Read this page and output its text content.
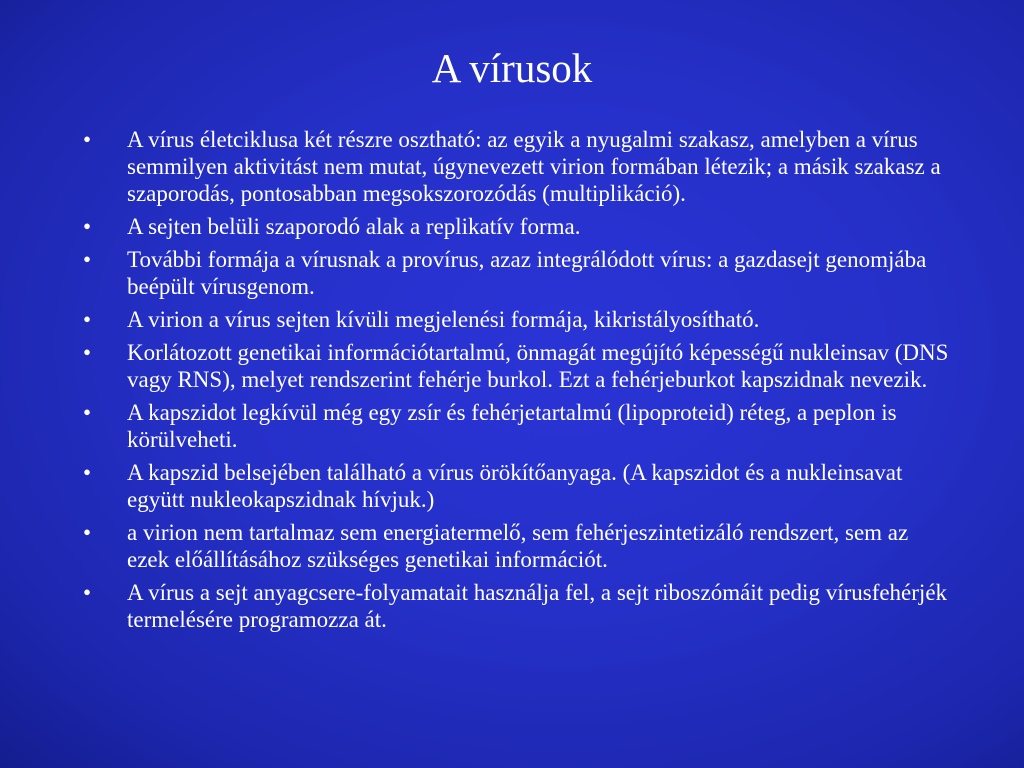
A vírusok
•	A vírus életciklusa két részre osztható: az egyik a nyugalmi szakasz, amelyben a vírus semmilyen aktivitást nem mutat, úgynevezett virion formában létezik; a másik szakasz a szaporodás, pontosabban megsokszorozódás (multiplikáció).
•	A sejten belüli szaporodó alak a replikatív forma.
•	További formája a vírusnak a provírus, azaz integrálódott vírus: a gazdasejt genomjába beépült vírusgenom.
•	A virion a vírus sejten kívüli megjelenési formája, kikristályosítható.
•	Korlátozott genetikai információtartalmú, önmagát megújító képességű nukleinsav (DNS vagy RNS), melyet rendszerint fehérje burkol. Ezt a fehérjeburkot kapszidnak nevezik.
•	A kapszidot legkívül még egy zsír és fehérjetartalmú (lipoproteid) réteg, a peplon is körülveheti.
•	A kapszid belsejében található a vírus örökítőanyaga. (A kapszidot és a nukleinsavat együtt nukleokapszidnak hívjuk.)
•	a virion nem tartalmaz sem energiatermelő, sem fehérjeszintetizáló rendszert, sem az ezek előállításához szükséges genetikai információt.
•	A vírus a sejt anyagcsere-folyamatait használja fel, a sejt riboszómáit pedig vírusfehérjék termelésére programozza át.
